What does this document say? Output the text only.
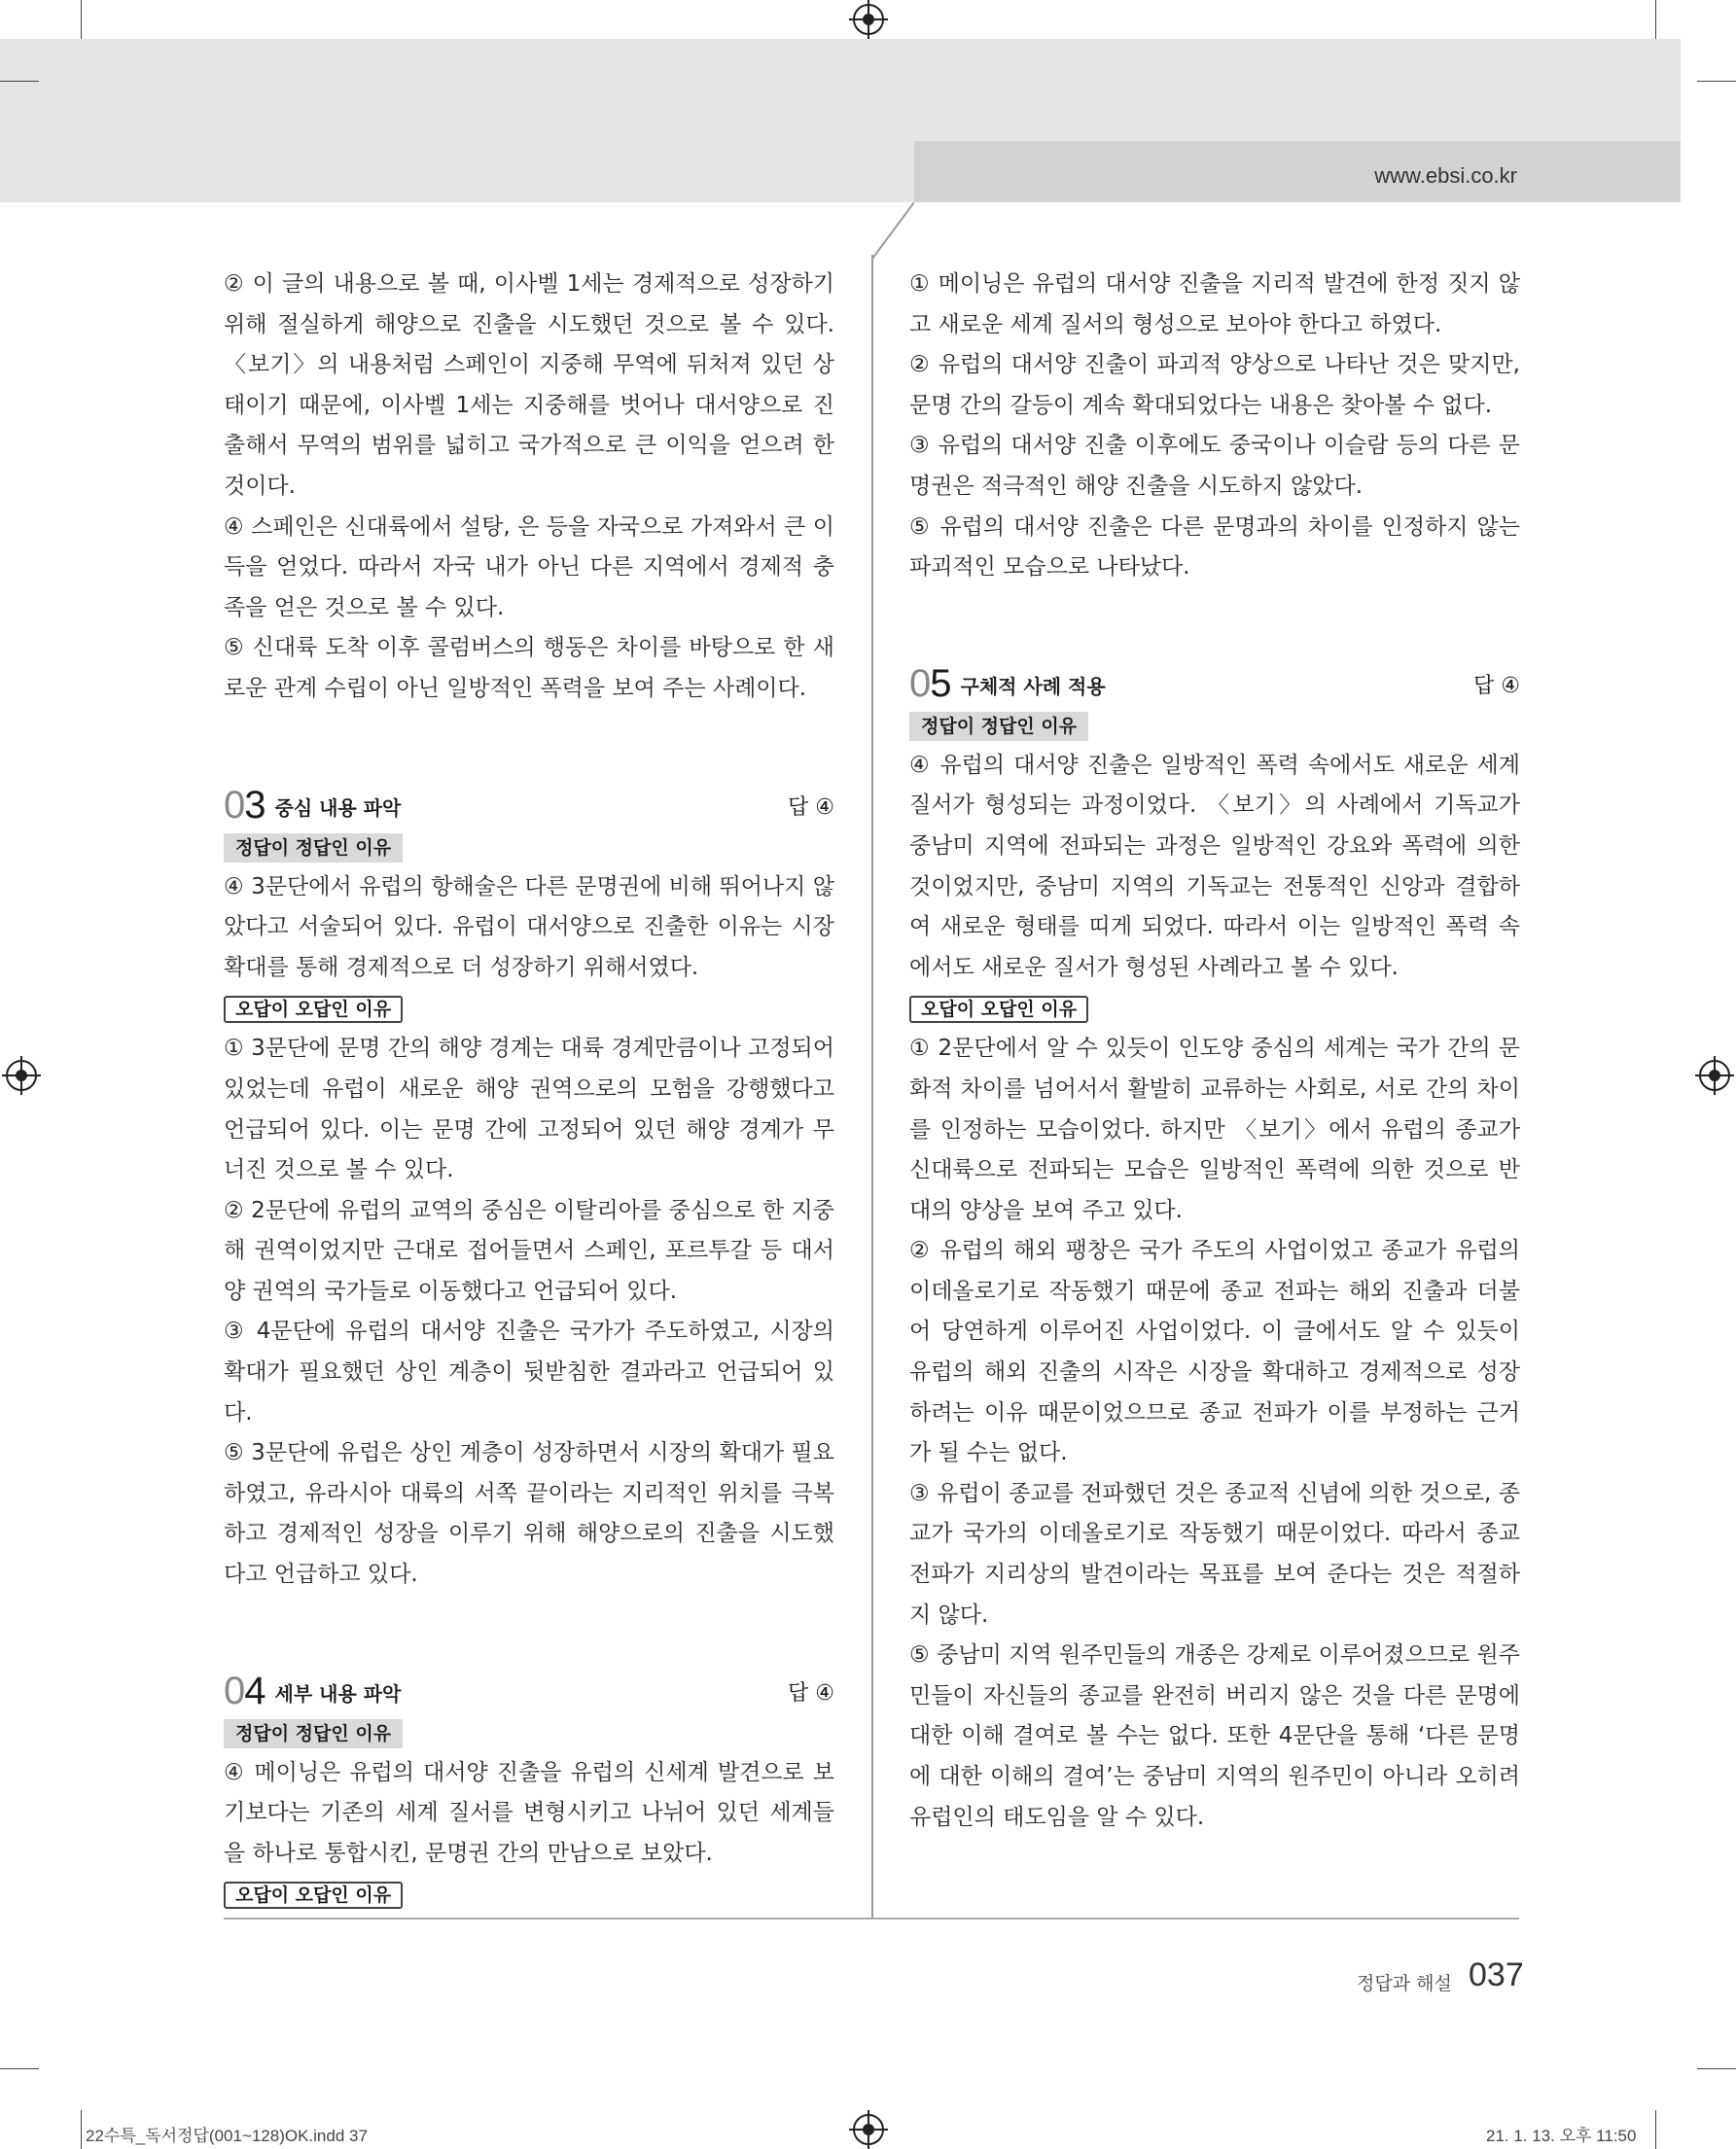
www.ebsi.co.kr

② 이 글의 내용으로 볼 때, 이사벨 1세는 경제적으로 성장하기 위해 절실하게 해양으로 진출을 시도했던 것으로 볼 수 있다. 〈보기〉의 내용처럼 스페인이 지중해 무역에 뒤처져 있던 상태이기 때문에, 이사벨 1세는 지중해를 벗어나 대서양으로 진출해서 무역의 범위를 넓히고 국가적으로 큰 이익을 얻으려 한 것이다.

④ 스페인은 신대륙에서 설탕, 은 등을 자국으로 가져와서 큰 이득을 얻었다. 따라서 자국 내가 아닌 다른 지역에서 경제적 충족을 얻은 것으로 볼 수 있다.

⑤ 신대륙 도착 이후 콜럼버스의 행동은 차이를 바탕으로 한 새로운 관계 수립이 아닌 일방적인 폭력을 보여 주는 사례이다.

03 중심 내용 파악	답 ④
정답이 정답인 이유

④ 3문단에서 유럽의 항해술은 다른 문명권에 비해 뛰어나지 않았다고 서술되어 있다. 유럽이 대서양으로 진출한 이유는 시장 확대를 통해 경제적으로 더 성장하기 위해서였다.

오답이 오답인 이유

① 3문단에 문명 간의 해양 경계는 대륙 경계만큼이나 고정되어 있었는데 유럽이 새로운 해양 권역으로의 모험을 강행했다고 언급되어 있다. 이는 문명 간에 고정되어 있던 해양 경계가 무너진 것으로 볼 수 있다.

② 2문단에 유럽의 교역의 중심은 이탈리아를 중심으로 한 지중해 권역이었지만 근대로 접어들면서 스페인, 포르투갈 등 대서양 권역의 국가들로 이동했다고 언급되어 있다.

③ 4문단에 유럽의 대서양 진출은 국가가 주도하였고, 시장의 확대가 필요했던 상인 계층이 뒷받침한 결과라고 언급되어 있다.

⑤ 3문단에 유럽은 상인 계층이 성장하면서 시장의 확대가 필요하였고, 유라시아 대륙의 서쪽 끝이라는 지리적인 위치를 극복하고 경제적인 성장을 이루기 위해 해양으로의 진출을 시도했다고 언급하고 있다.

04 세부 내용 파악	답 ④
정답이 정답인 이유

④ 메이닝은 유럽의 대서양 진출을 유럽의 신세계 발견으로 보기보다는 기존의 세계 질서를 변형시키고 나뉘어 있던 세계들을 하나로 통합시킨, 문명권 간의 만남으로 보았다.

오답이 오답인 이유

① 메이닝은 유럽의 대서양 진출을 지리적 발견에 한정 짓지 않고 새로운 세계 질서의 형성으로 보아야 한다고 하였다.

② 유럽의 대서양 진출이 파괴적 양상으로 나타난 것은 맞지만, 문명 간의 갈등이 계속 확대되었다는 내용은 찾아볼 수 없다.

③ 유럽의 대서양 진출 이후에도 중국이나 이슬람 등의 다른 문명권은 적극적인 해양 진출을 시도하지 않았다.

⑤ 유럽의 대서양 진출은 다른 문명과의 차이를 인정하지 않는 파괴적인 모습으로 나타났다.

05 구체적 사례 적용	답 ④
정답이 정답인 이유

④ 유럽의 대서양 진출은 일방적인 폭력 속에서도 새로운 세계 질서가 형성되는 과정이었다. 〈보기〉의 사례에서 기독교가 중남미 지역에 전파되는 과정은 일방적인 강요와 폭력에 의한 것이었지만, 중남미 지역의 기독교는 전통적인 신앙과 결합하여 새로운 형태를 띠게 되었다. 따라서 이는 일방적인 폭력 속에서도 새로운 질서가 형성된 사례라고 볼 수 있다.

오답이 오답인 이유

① 2문단에서 알 수 있듯이 인도양 중심의 세계는 국가 간의 문화적 차이를 넘어서서 활발히 교류하는 사회로, 서로 간의 차이를 인정하는 모습이었다. 하지만 〈보기〉에서 유럽의 종교가 신대륙으로 전파되는 모습은 일방적인 폭력에 의한 것으로 반대의 양상을 보여 주고 있다.

② 유럽의 해외 팽창은 국가 주도의 사업이었고 종교가 유럽의 이데올로기로 작동했기 때문에 종교 전파는 해외 진출과 더불어 당연하게 이루어진 사업이었다. 이 글에서도 알 수 있듯이 유럽의 해외 진출의 시작은 시장을 확대하고 경제적으로 성장하려는 이유 때문이었으므로 종교 전파가 이를 부정하는 근거가 될 수는 없다.

③ 유럽이 종교를 전파했던 것은 종교적 신념에 의한 것으로, 종교가 국가의 이데올로기로 작동했기 때문이었다. 따라서 종교 전파가 지리상의 발견이라는 목표를 보여 준다는 것은 적절하지 않다.

⑤ 중남미 지역 원주민들의 개종은 강제로 이루어졌으므로 원주민들이 자신들의 종교를 완전히 버리지 않은 것을 다른 문명에 대한 이해 결여로 볼 수는 없다. 또한 4문단을 통해 ‘다른 문명에 대한 이해의 결여’는 중남미 지역의 원주민이 아니라 오히려 유럽인의 태도임을 알 수 있다.

정답과 해설 037
22수특_독서정답(001~128)OK.indd 37	21. 1. 13. 오후 11:50
